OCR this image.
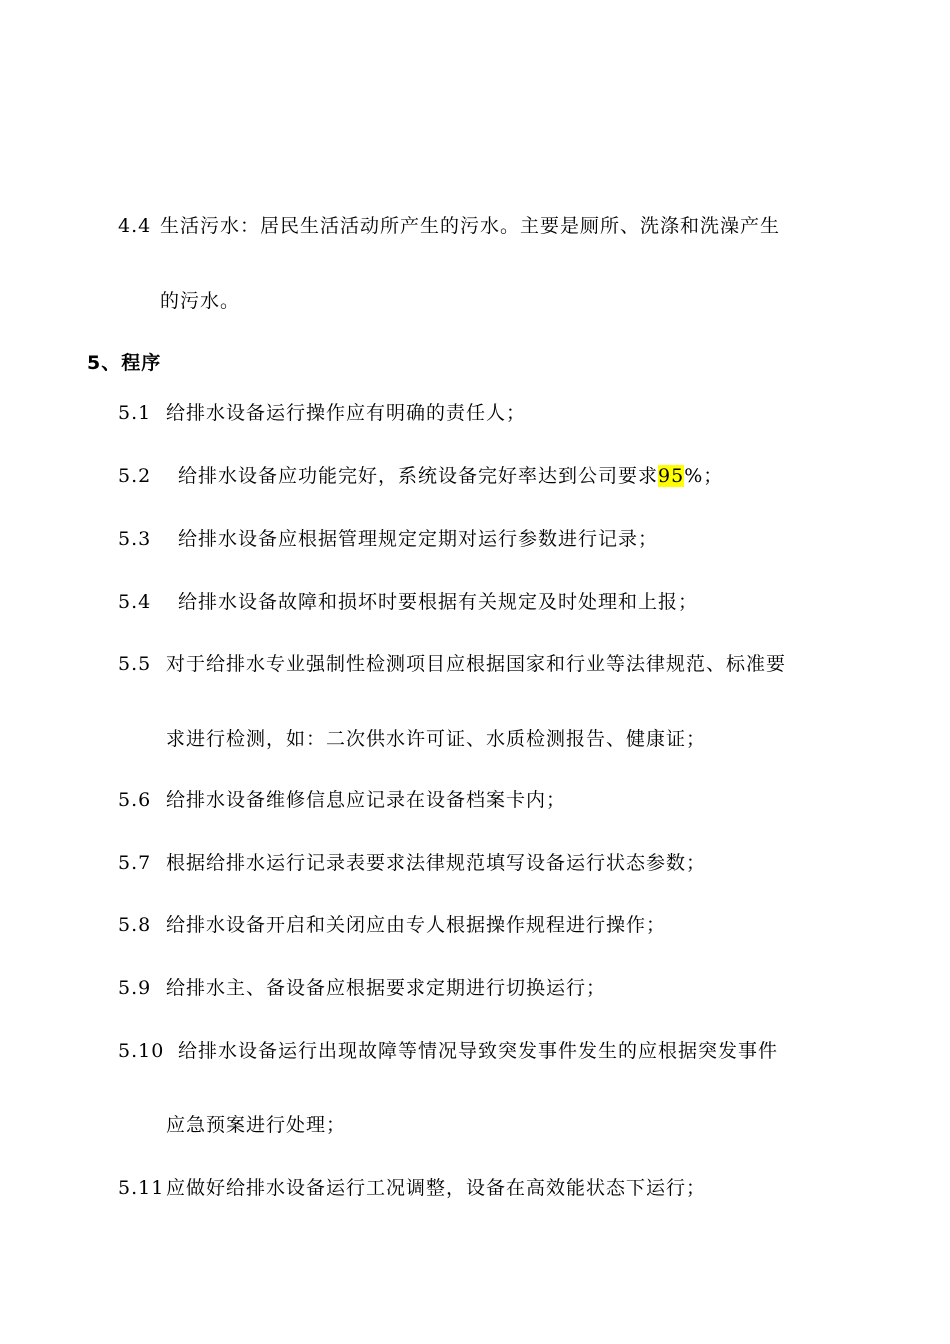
4.4 生活污水：居民生活活动所产生的污水。主要是厕所、洗涤和洗澡产生
的污水。
5、程序
5.1 给排水设备运行操作应有明确的责任人；
5.2 给排水设备应功能完好，系统设备完好率达到公司要求95%；
5.3 给排水设备应根据管理规定定期对运行参数进行记录；
5.4 给排水设备故障和损坏时要根据有关规定及时处理和上报；
5.5 对于给排水专业强制性检测项目应根据国家和行业等法律规范、标准要
求进行检测，如：二次供水许可证、水质检测报告、健康证；
5.6 给排水设备维修信息应记录在设备档案卡内；
5.7 根据给排水运行记录表要求法律规范填写设备运行状态参数；
5.8 给排水设备开启和关闭应由专人根据操作规程进行操作；
5.9 给排水主、备设备应根据要求定期进行切换运行；
5.10 给排水设备运行出现故障等情况导致突发事件发生的应根据突发事件
应急预案进行处理；
5.11应做好给排水设备运行工况调整，设备在高效能状态下运行；
